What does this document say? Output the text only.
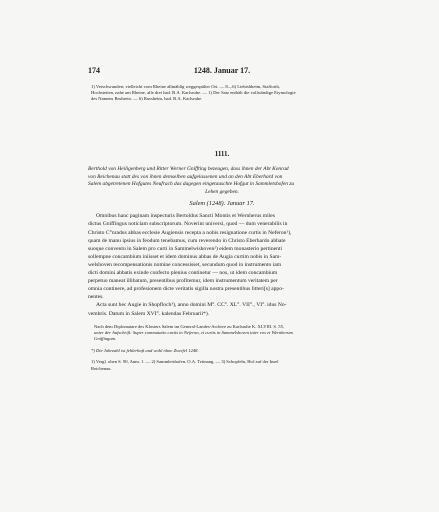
174	1248. Januar 17.
1) Verschwunden; vielleicht vom Rheine allmählig weggespülter Ort. — 8—6) Liebishheim, Stafforth,
Hochstetten, nahe am Rheine, alle drei bad. B.A. Karlsruhe. — 1) Der Satz enthält die vollständige Etymologie
des Namens Bruhrein. — 6) Russheim, bad. B.A. Karlsruhe.
1111.
Berthold von Heiligenberg und Ritter Werner Gniffting bezeugen, dass ihnen der Abt Konrad
von Reichenau statt des von ihnen demselben aufgelassenen und an den Abt Eberhard von
Salem abgetretenen Hofgutes Neufrach das dagegen eingetauschte Hofgut in Sammletshofen zu
Lehen gegeben.
Salem (1248). Januar 17.
Omnibus hanc paginam inspecturis Bertoldus Sancti Montis et Wernherus miles
dictus Gniffingus noticiam subscriptorum. Noverint universi, quod — dum venerabilis in
Christo C°nradus abbas ecclesie Augiensis recepta a nobis resignatione curtis in Neferon¹),
quam de manu ipsius in feodum tenebamus, cum reverendo in Christo Eberhardo abbate
suoque conventu in Salem pro curti in Sammelwishoven²) eidem monasterio pertinenti
sollempne concambium iniisset et idem dominus abbas de Augia curtim nobis in Sam-
welshoven recompensationis nomine concessisset, secundum quod in instrumento iam
dicti domini abbatis exinde confecto plenius continetur — nos, ut idem concambium
perpetuo maneat illibatum, presentibus profitemur, idem instrumentum veritatem per
omnia continere, ad profesionem dicte veritatis sigilla nostra presentibus litteri[s] appo-
nentes.
Acta sunt hec Augie in Shopfloch³), anno domini M°. CC°. XL°. VII°., VI°. idus No-
vembris. Datum in Salem XVI°. kalendas Februarii*).
Nach dem Diplomatare des Klosters Salem im General-Landes-Archive zu Karlsruhe K. XLVIII. S. 55,
unter der Aufschrift: Super commutatio curtis in Neferon, et curtis in Sammelshoven inter eos et Wernherum
Gniffingum.
*) Die Jahrzahl ist fehlerhaft und wohl ohne Zweifel 1248.
1) Vergl. oben S. 90, Anm. 1. — 2) Sammletshofen, O.A. Tettnang. — 3) Schopfeln, Hof auf der Insel
Reichenau.
